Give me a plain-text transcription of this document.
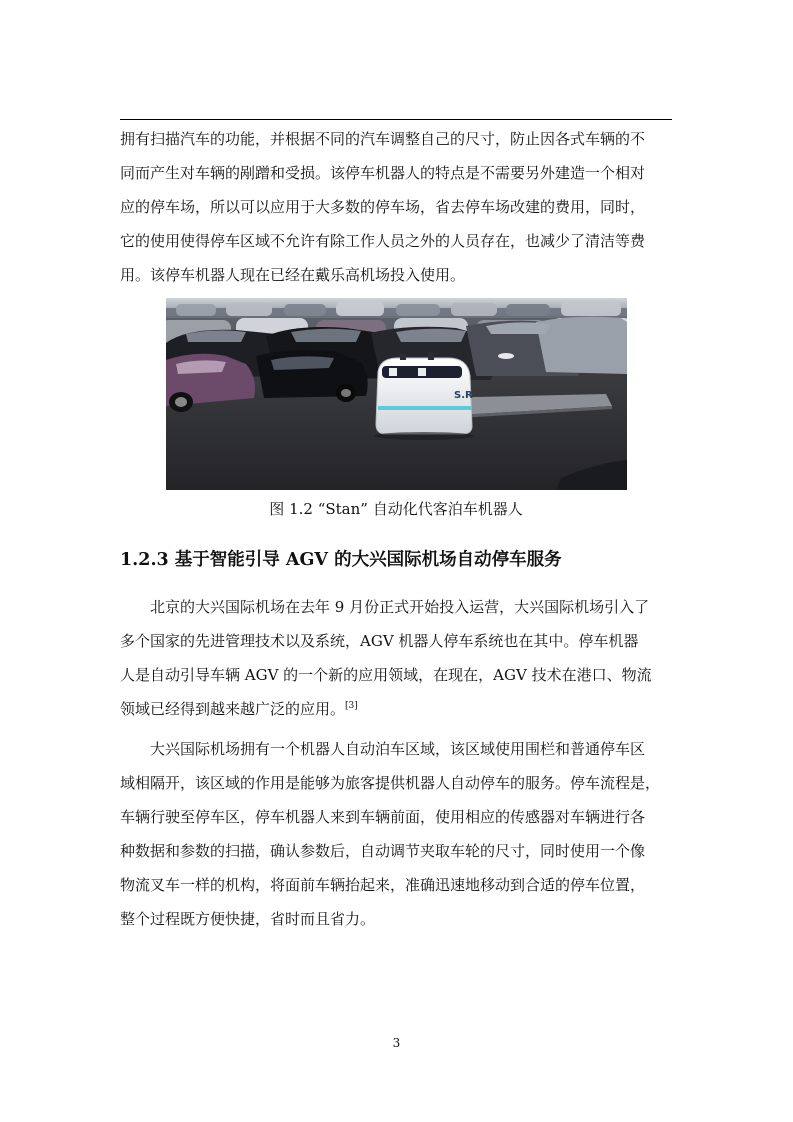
拥有扫描汽车的功能，并根据不同的汽车调整自己的尺寸，防止因各式车辆的不
同而产生对车辆的剐蹭和受损。该停车机器人的特点是不需要另外建造一个相对
应的停车场，所以可以应用于大多数的停车场，省去停车场改建的费用，同时，
它的使用使得停车区域不允许有除工作人员之外的人员存在，也减少了清洁等费
用。该停车机器人现在已经在戴乐高机场投入使用。

S.R
图 1.2 “Stan” 自动化代客泊车机器人
1.2.3 基于智能引导 AGV 的大兴国际机场自动停车服务

北京的大兴国际机场在去年 9 月份正式开始投入运营，大兴国际机场引入了
多个国家的先进管理技术以及系统，AGV 机器人停车系统也在其中。停车机器
人是自动引导车辆 AGV 的一个新的应用领域，在现在，AGV 技术在港口、物流
领域已经得到越来越广泛的应用。[3]

大兴国际机场拥有一个机器人自动泊车区域，该区域使用围栏和普通停车区
域相隔开，该区域的作用是能够为旅客提供机器人自动停车的服务。停车流程是，
车辆行驶至停车区，停车机器人来到车辆前面，使用相应的传感器对车辆进行各
种数据和参数的扫描，确认参数后，自动调节夹取车轮的尺寸，同时使用一个像
物流叉车一样的机构，将面前车辆抬起来，准确迅速地移动到合适的停车位置，
整个过程既方便快捷，省时而且省力。

3
